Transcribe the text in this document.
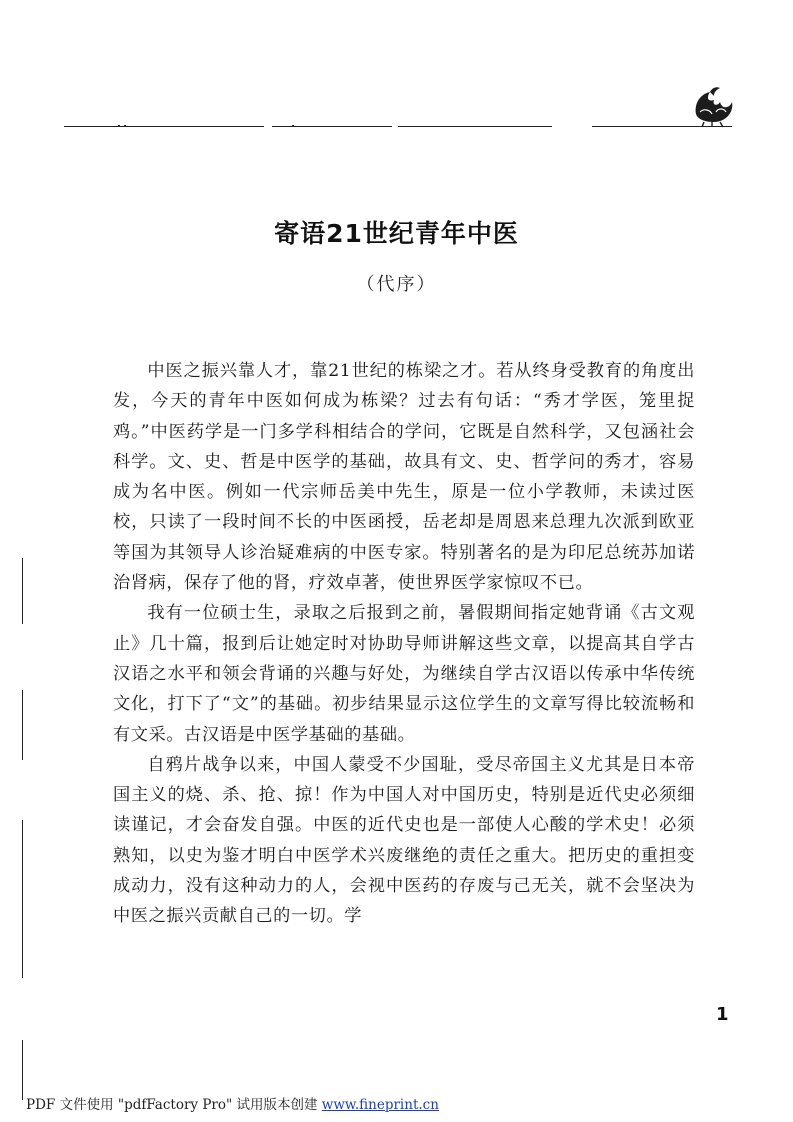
寄语21世纪青年中医
（代序）

中医之振兴靠人才，靠21世纪的栋梁之才。若从终身受教育的角度出发，今天的青年中医如何成为栋梁？过去有句话：“秀才学医，笼里捉鸡。”中医药学是一门多学科相结合的学问，它既是自然科学，又包涵社会科学。文、史、哲是中医学的基础，故具有文、史、哲学问的秀才，容易成为名中医。例如一代宗师岳美中先生，原是一位小学教师，未读过医校，只读了一段时间不长的中医函授，岳老却是周恩来总理九次派到欧亚等国为其领导人诊治疑难病的中医专家。特别著名的是为印尼总统苏加诺治肾病，保存了他的肾，疗效卓著，使世界医学家惊叹不已。

我有一位硕士生，录取之后报到之前，暑假期间指定她背诵《古文观止》几十篇，报到后让她定时对协助导师讲解这些文章，以提高其自学古汉语之水平和领会背诵的兴趣与好处，为继续自学古汉语以传承中华传统文化，打下了“文”的基础。初步结果显示这位学生的文章写得比较流畅和有文采。古汉语是中医学基础的基础。

自鸦片战争以来，中国人蒙受不少国耻，受尽帝国主义尤其是日本帝国主义的烧、杀、抢、掠！作为中国人对中国历史，特别是近代史必须细读谨记，才会奋发自强。中医的近代史也是一部使人心酸的学术史！必须熟知，以史为鉴才明白中医学术兴废继绝的责任之重大。把历史的重担变成动力，没有这种动力的人，会视中医药的存废与己无关，就不会坚决为中医之振兴贡献自己的一切。学

1
PDF 文件使用 "pdfFactory Pro" 试用版本创建 www.fineprint.cn
